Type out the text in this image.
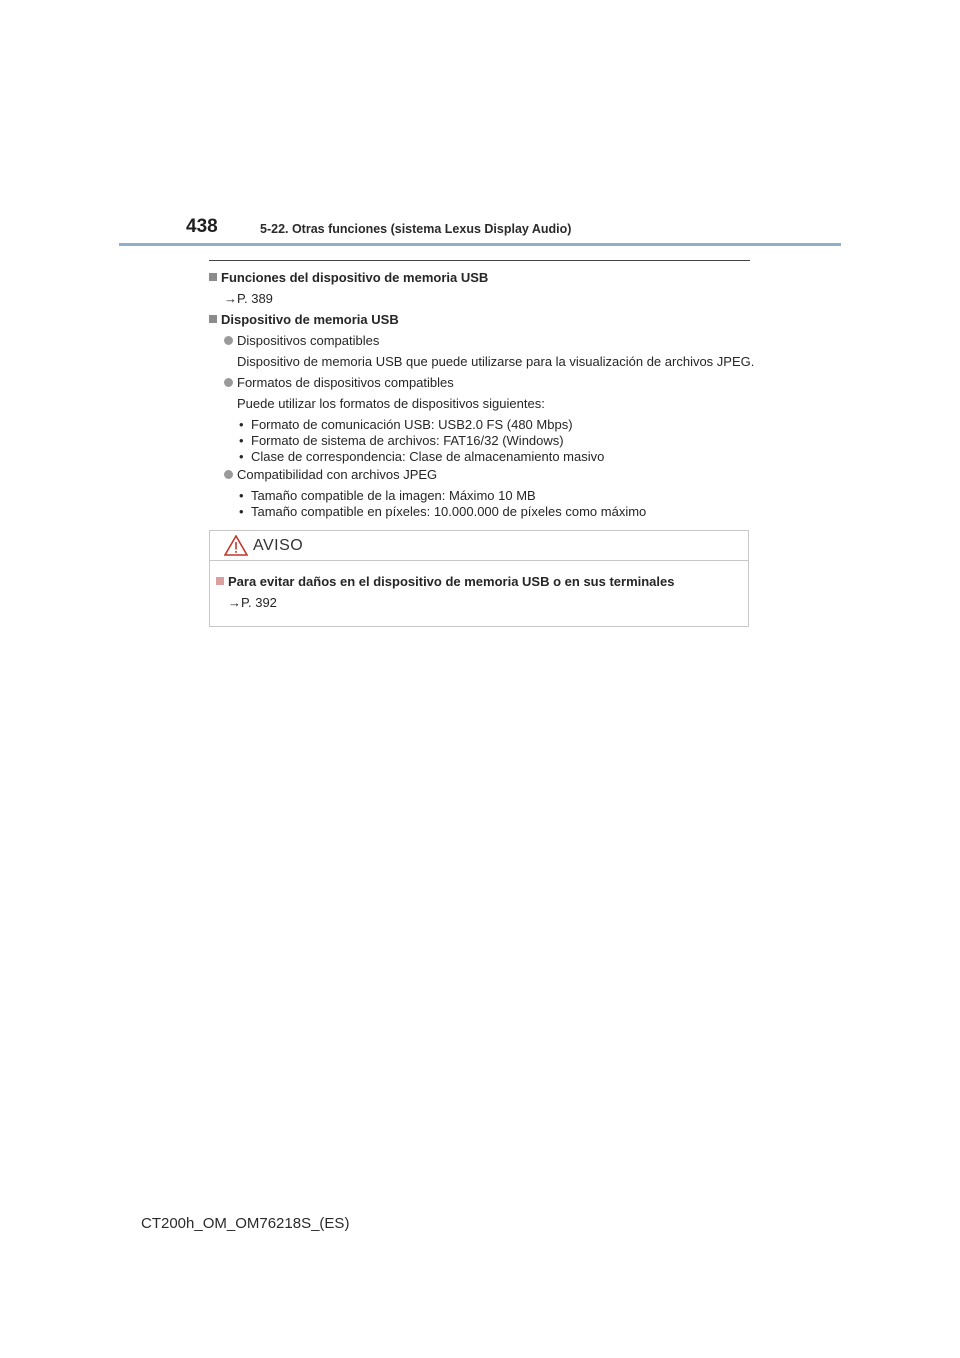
438	5-22. Otras funciones (sistema Lexus Display Audio)
Funciones del dispositivo de memoria USB
→P. 389
Dispositivo de memoria USB
Dispositivos compatibles
Dispositivo de memoria USB que puede utilizarse para la visualización de archivos JPEG.
Formatos de dispositivos compatibles
Puede utilizar los formatos de dispositivos siguientes:
• Formato de comunicación USB: USB2.0 FS (480 Mbps)
• Formato de sistema de archivos: FAT16/32 (Windows)
• Clase de correspondencia: Clase de almacenamiento masivo
Compatibilidad con archivos JPEG
• Tamaño compatible de la imagen: Máximo 10 MB
• Tamaño compatible en píxeles: 10.000.000 de píxeles como máximo
AVISO
Para evitar daños en el dispositivo de memoria USB o en sus terminales
→P. 392
CT200h_OM_OM76218S_(ES)
